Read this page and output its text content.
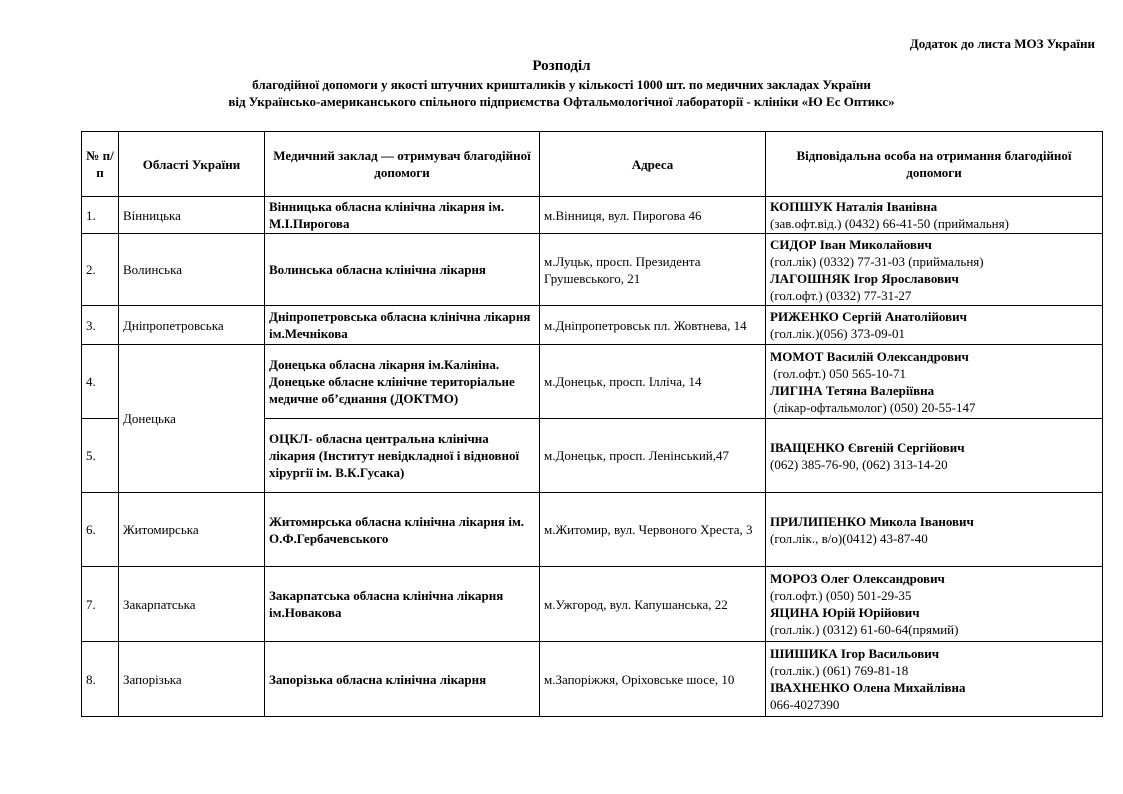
Додаток до листа МОЗ України
Розподіл
благодійної допомоги у якості штучних кришталиків у кількості 1000 шт. по медичних закладах України
від Українсько-американського спільного підприємства Офтальмологічної лабораторії - клініки «Ю Ес Оптикс»
№ п/п	Області України	Медичний заклад — отримувач благодійної допомоги	Адреса	Відповідальна особа на отримання благодійної допомоги
1.	Вінницька	Вінницька обласна клінічна лікарня ім. М.І.Пирогова	м.Вінниця, вул. Пирогова 46	КОПШУК Наталія Іванівна
(зав.офт.від.) (0432) 66-41-50 (приймальня)

2.	Волинська	Волинська обласна клінічна лікарня	м.Луцьк, просп. Президента Грушевського, 21	СИДОР Іван Миколайович
(гол.лік) (0332) 77-31-03 (приймальня)
ЛАГОШНЯК Ігор Ярославович
(гол.офт.) (0332) 77-31-27

3.	Дніпропетровська	Дніпропетровська обласна клінічна лікарня ім.Мечнікова	м.Дніпропетровськ пл. Жовтнева, 14	РИЖЕНКО Сергій Анатолійович
(гол.лік.)(056) 373-09-01

4.	Донецька	Донецька обласна лікарня ім.Калініна. Донецьке обласне клінічне територіальне медичне об’єднання (ДОКТМО)	м.Донецьк, просп. Ілліча, 14	МОМОТ Василій Олександрович
(гол.офт.) 050 565-10-71
ЛИГІНА Тетяна Валеріївна
(лікар-офтальмолог) (050) 20-55-147

5.		ОЦКЛ- обласна центральна клінічна лікарня (Інститут невідкладної і відновної хірургії ім. В.К.Гусака)	м.Донецьк, просп. Ленінський,47	ІВАЩЕНКО Євгеній Сергійович
(062) 385-76-90, (062) 313-14-20

6.	Житомирська	Житомирська обласна клінічна лікарня ім. О.Ф.Гербачевського	м.Житомир, вул. Червоного Хреста, 3	ПРИЛИПЕНКО Микола Іванович
(гол.лік., в/о)(0412) 43-87-40

7.	Закарпатська	Закарпатська обласна клінічна лікарня ім.Новакова	м.Ужгород, вул. Капушанська, 22	МОРОЗ Олег Олександрович
(гол.офт.) (050) 501-29-35
ЯЦИНА Юрій Юрійович
(гол.лік.) (0312) 61-60-64(прямий)

8.	Запорізька	Запорізька обласна клінічна лікарня	м.Запоріжжя, Оріховське шосе, 10	ШИШИКА Ігор Васильович
(гол.лік.) (061) 769-81-18
ІВАХНЕНКО Олена Михайлівна
066-4027390
